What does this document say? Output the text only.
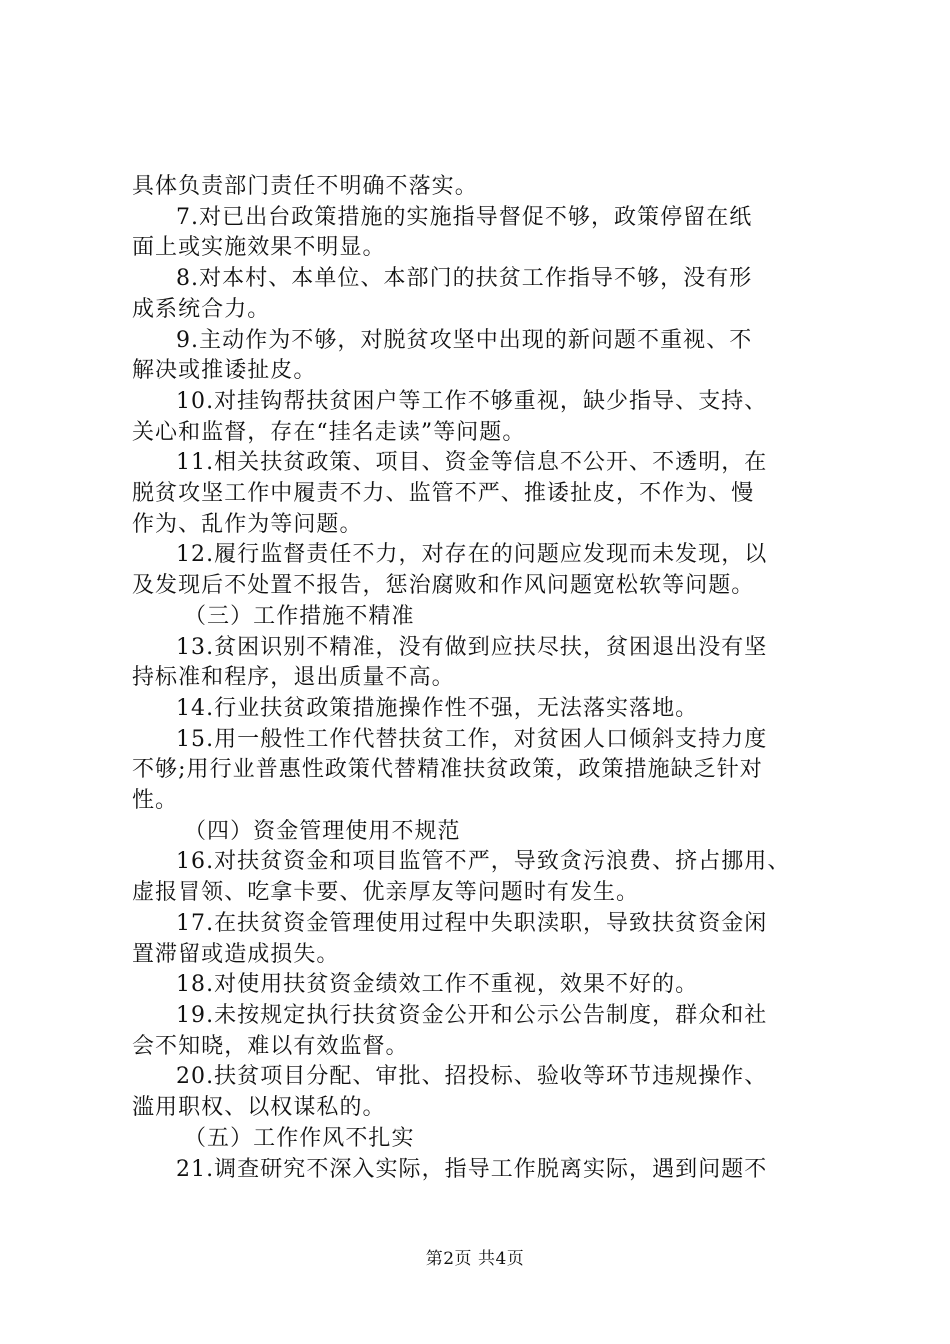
具体负责部门责任不明确不落实。
7.对已出台政策措施的实施指导督促不够，政策停留在纸
面上或实施效果不明显。
8.对本村、本单位、本部门的扶贫工作指导不够，没有形
成系统合力。
9.主动作为不够，对脱贫攻坚中出现的新问题不重视、不
解决或推诿扯皮。
10.对挂钩帮扶贫困户等工作不够重视，缺少指导、支持、
关心和监督，存在“挂名走读”等问题。
11.相关扶贫政策、项目、资金等信息不公开、不透明，在
脱贫攻坚工作中履责不力、监管不严、推诿扯皮，不作为、慢
作为、乱作为等问题。
12.履行监督责任不力，对存在的问题应发现而未发现，以
及发现后不处置不报告，惩治腐败和作风问题宽松软等问题。
（三）工作措施不精准
13.贫困识别不精准，没有做到应扶尽扶，贫困退出没有坚
持标准和程序，退出质量不高。
14.行业扶贫政策措施操作性不强，无法落实落地。
15.用一般性工作代替扶贫工作，对贫困人口倾斜支持力度
不够;用行业普惠性政策代替精准扶贫政策，政策措施缺乏针对
性。
（四）资金管理使用不规范
16.对扶贫资金和项目监管不严，导致贪污浪费、挤占挪用、
虚报冒领、吃拿卡要、优亲厚友等问题时有发生。
17.在扶贫资金管理使用过程中失职渎职，导致扶贫资金闲
置滞留或造成损失。
18.对使用扶贫资金绩效工作不重视，效果不好的。
19.未按规定执行扶贫资金公开和公示公告制度，群众和社
会不知晓，难以有效监督。
20.扶贫项目分配、审批、招投标、验收等环节违规操作、
滥用职权、以权谋私的。
（五）工作作风不扎实
21.调查研究不深入实际，指导工作脱离实际，遇到问题不
第2页 共4页
